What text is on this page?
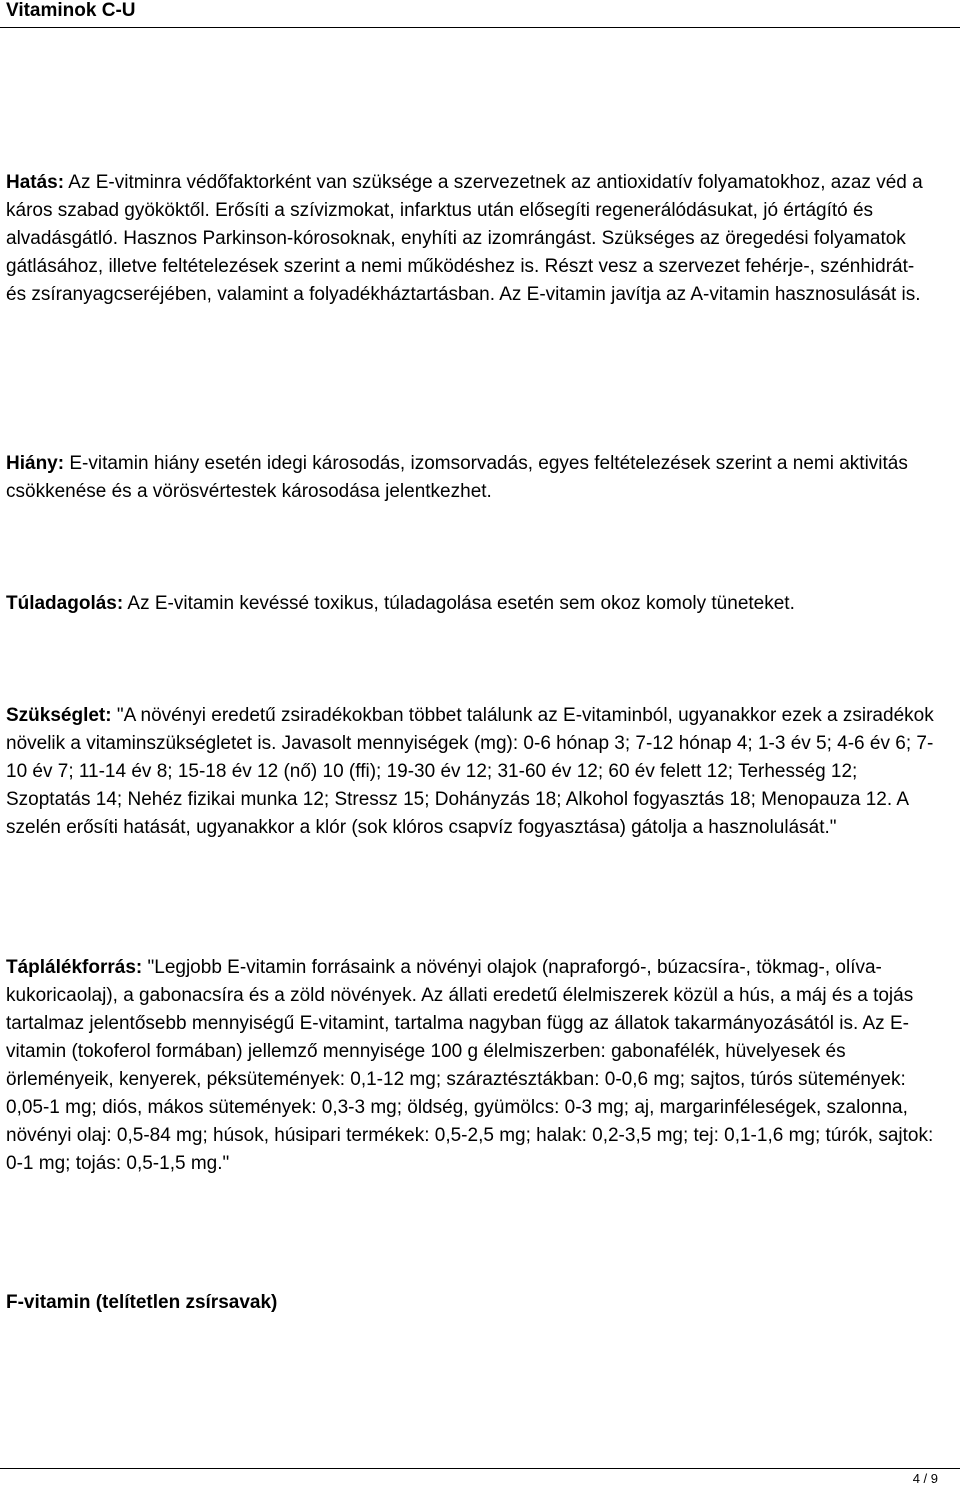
Vitaminok C-U

Hatás: Az E-vitminra védőfaktorként van szüksége a szervezetnek az antioxidatív folyamatokhoz, azaz véd a káros szabad gyököktől. Erősíti a szívizmokat, infarktus után elősegíti regenerálódásukat, jó értágító és alvadásgátló. Hasznos Parkinson-kórosoknak, enyhíti az izomrángást. Szükséges az öregedési folyamatok gátlásához, illetve feltételezések szerint a nemi működéshez is. Részt vesz a szervezet fehérje-, szénhidrát- és zsíranyagcseréjében, valamint a folyadékháztartásban. Az E-vitamin javítja az A-vitamin hasznosulását is.

Hiány: E-vitamin hiány esetén idegi károsodás, izomsorvadás, egyes feltételezések szerint a nemi aktivitás csökkenése és a vörösvértestek károsodása jelentkezhet.

Túladagolás: Az E-vitamin kevéssé toxikus, túladagolása esetén sem okoz komoly tüneteket.

Szükséglet: "A növényi eredetű zsiradékokban többet találunk az E-vitaminból, ugyanakkor ezek a zsiradékok növelik a vitaminszükségletet is. Javasolt mennyiségek (mg): 0-6 hónap 3; 7-12 hónap 4; 1-3 év 5; 4-6 év 6; 7-10 év 7; 11-14 év 8; 15-18 év 12 (nő) 10 (ffi); 19-30 év 12; 31-60 év 12; 60 év felett 12; Terhesség 12; Szoptatás 14; Nehéz fizikai munka 12; Stressz 15; Dohányzás 18; Alkohol fogyasztás 18; Menopauza 12. A szelén erősíti hatását, ugyanakkor a klór (sok klóros csapvíz fogyasztása) gátolja a hasznolulását."

Táplálékforrás: "Legjobb E-vitamin forrásaink a növényi olajok (napraforgó-, búzacsíra-, tökmag-, olíva- kukoricaolaj), a gabonacsíra és a zöld növények. Az állati eredetű élelmiszerek közül a hús, a máj és a tojás tartalmaz jelentősebb mennyiségű E-vitamint, tartalma nagyban függ az állatok takarmányozásától is. Az E-vitamin (tokoferol formában) jellemző mennyisége 100 g élelmiszerben: gabonafélék, hüvelyesek és örleményeik, kenyerek, péksütemények: 0,1-12 mg; száraztésztákban: 0-0,6 mg; sajtos, túrós sütemények: 0,05-1 mg; diós, mákos sütemények: 0,3-3 mg; öldség, gyümölcs: 0-3 mg; aj, margarinféleségek, szalonna, növényi olaj: 0,5-84 mg; húsok, húsipari termékek: 0,5-2,5 mg; halak: 0,2-3,5 mg; tej: 0,1-1,6 mg; túrók, sajtok: 0-1 mg; tojás: 0,5-1,5 mg."

F-vitamin (telítetlen zsírsavak)

4 / 9
